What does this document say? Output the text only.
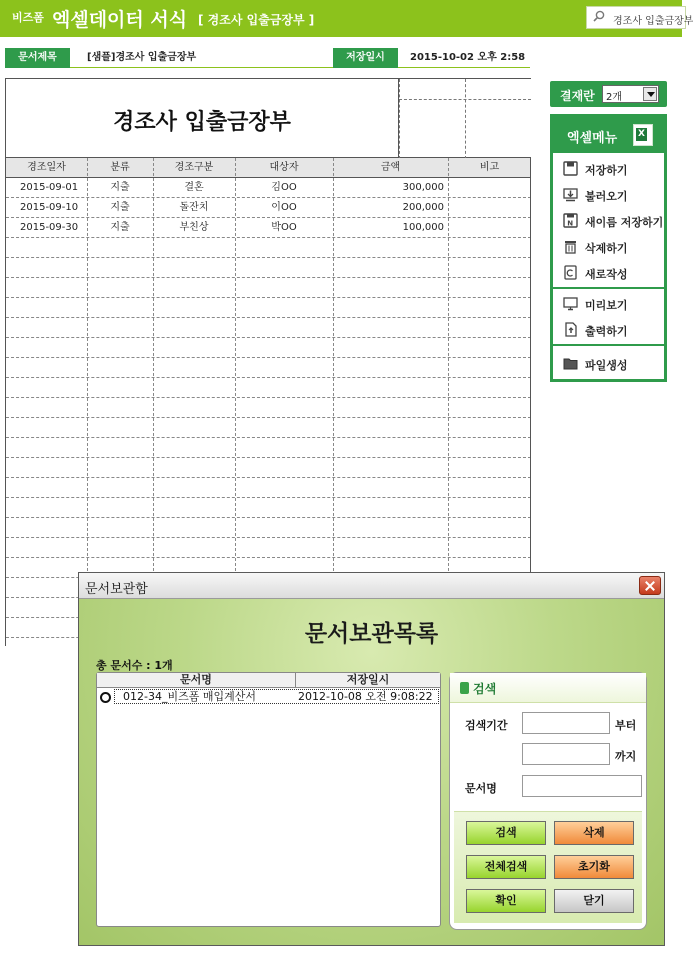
비즈폼 엑셀데이터 서식 [ 경조사 입출금장부 ]	경조사 입출금장부
문서제목	[샘플]경조사 입출금장부	저장일시	2015-10-02 오후 2:58
경조사 입출금장부
경조일자	분류	경조구분	대상자	금액	비고
2015-09-01	지출	결혼	김OO	300,000
2015-09-10	지출	돌잔치	이OO	200,000
2015-09-30	지출	부친상	박OO	100,000
결재란 2개
엑셀메뉴
X
저장하기
불러오기
N 새이름 저장하기
삭제하기
새로작성
미리보기
출력하기
파일생성
문서보관함
문서보관목록
총 문서수 : 1개
문서명	저장일시
012-34_비즈폼 매입계산서	2012-10-08 오전 9:08:22
검색
검색기간	부터
까지
문서명
검색	삭제
전체검색	초기화
확인	닫기
